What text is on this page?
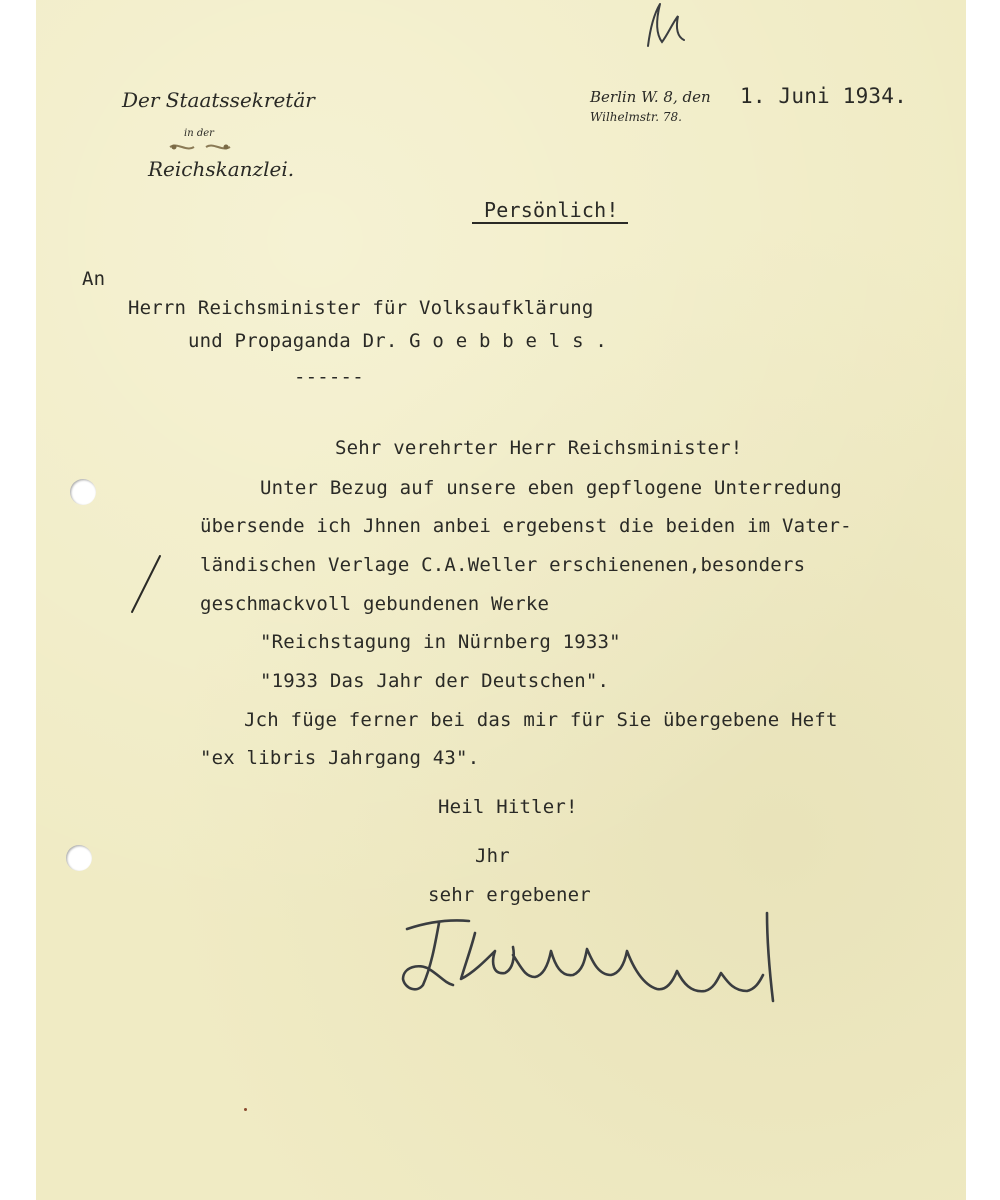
Der Staatssekretär
in der
Reichskanzlei.
Berlin W. 8, den 1. Juni 1934.
Wilhelmstr. 78.
Persönlich!
An
Herrn Reichsminister für Volksaufklärung
und Propaganda Dr. G o e b b e l s .
------
Sehr verehrter Herr Reichsminister!
Unter Bezug auf unsere eben gepflogene Unterredung
übersende ich Jhnen anbei ergebenst die beiden im Vater-
ländischen Verlage C.A.Weller erschienenen,besonders
geschmackvoll gebundenen Werke
"Reichstagung in Nürnberg 1933"
"1933 Das Jahr der Deutschen".
Jch füge ferner bei das mir für Sie übergebene Heft
"ex libris Jahrgang 43".
Heil Hitler!
Jhr
sehr ergebener
